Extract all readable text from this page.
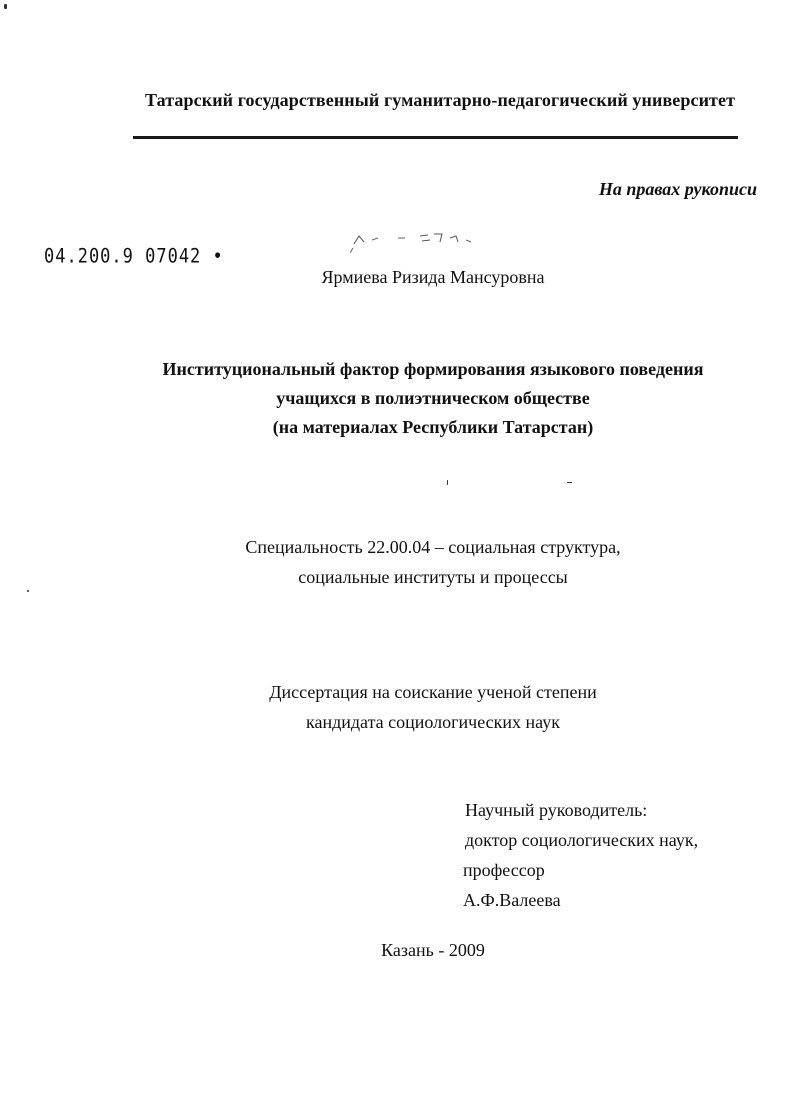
Татарский государственный гуманитарно-педагогический университет
На правах рукописи
04.200.9 07042 •
Ярмиева Ризида Мансуровна
Институциональный фактор формирования языкового поведения
учащихся в полиэтническом обществе
(на материалах Республики Татарстан)
Специальность 22.00.04 – социальная структура,
социальные институты и процессы
Диссертация на соискание ученой степени
кандидата социологических наук
Научный руководитель:
доктор социологических наук,
профессор
А.Ф.Валеева
Казань - 2009
